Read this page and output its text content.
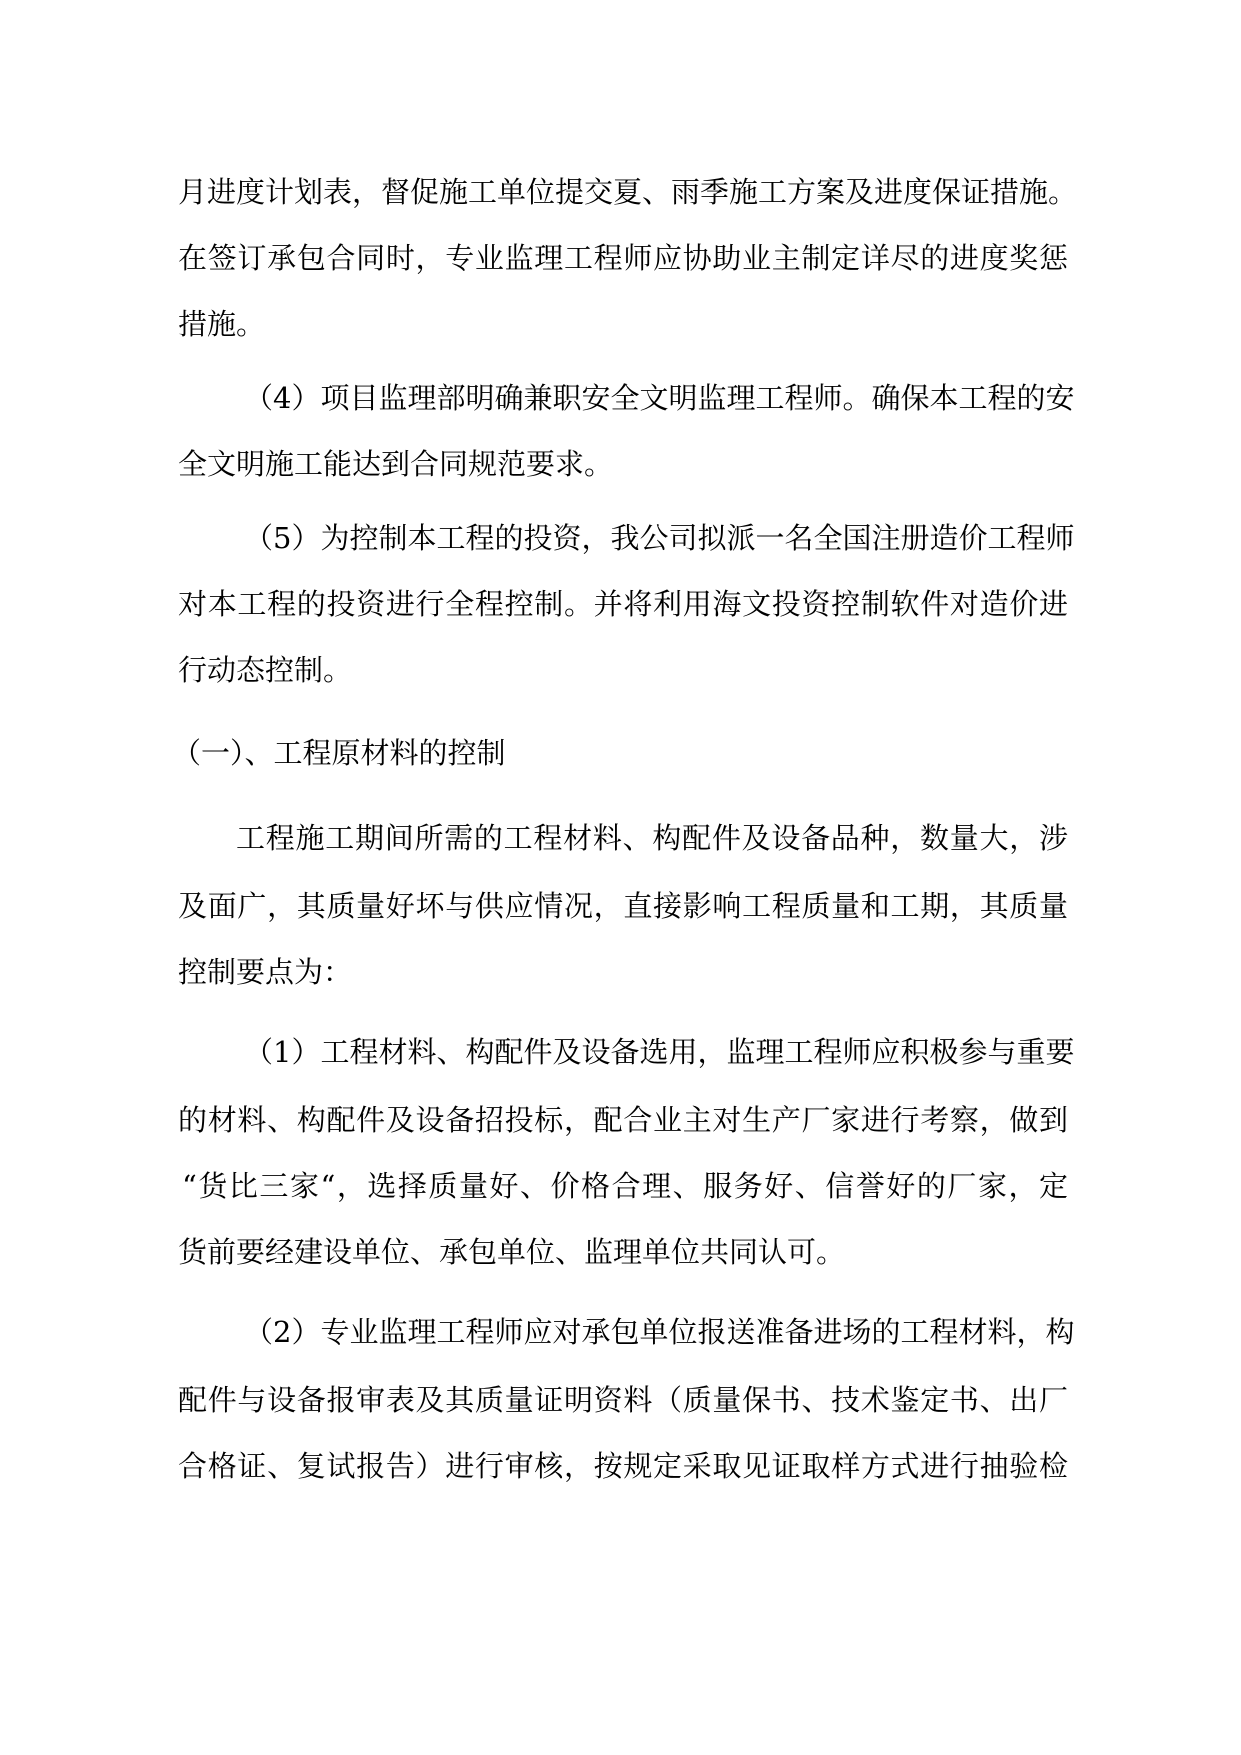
月进度计划表，督促施工单位提交夏、雨季施工方案及进度保证措施。

在签订承包合同时，专业监理工程师应协助业主制定详尽的进度奖惩

措施。

（4）项目监理部明确兼职安全文明监理工程师。确保本工程的安

全文明施工能达到合同规范要求。

（5）为控制本工程的投资，我公司拟派一名全国注册造价工程师

对本工程的投资进行全程控制。并将利用海文投资控制软件对造价进

行动态控制。

（一）、工程原材料的控制

工程施工期间所需的工程材料、构配件及设备品种，数量大，涉

及面广，其质量好坏与供应情况，直接影响工程质量和工期，其质量

控制要点为：

（1）工程材料、构配件及设备选用，监理工程师应积极参与重要

的材料、构配件及设备招投标，配合业主对生产厂家进行考察，做到

“货比三家“，选择质量好、价格合理、服务好、信誉好的厂家，定

货前要经建设单位、承包单位、监理单位共同认可。

（2）专业监理工程师应对承包单位报送准备进场的工程材料，构

配件与设备报审表及其质量证明资料（质量保书、技术鉴定书、出厂

合格证、复试报告）进行审核，按规定采取见证取样方式进行抽验检
